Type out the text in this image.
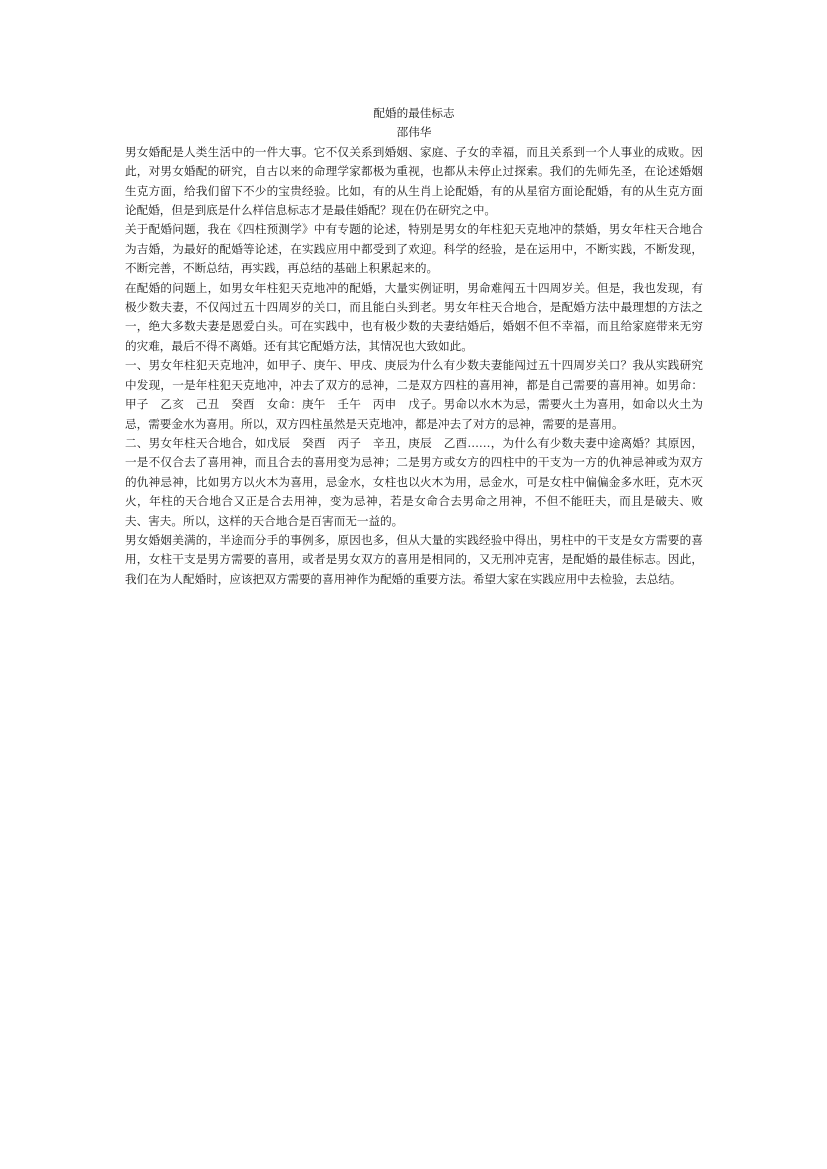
配婚的最佳标志
邵伟华

男女婚配是人类生活中的一件大事。它不仅关系到婚姻、家庭、子女的幸福，而且关系到一个人事业的成败。因此，对男女婚配的研究，自古以来的命理学家都极为重视，也都从未停止过探索。我们的先师先圣，在论述婚姻生克方面，给我们留下不少的宝贵经验。比如，有的从生肖上论配婚，有的从星宿方面论配婚，有的从生克方面论配婚，但是到底是什么样信息标志才是最佳婚配？现在仍在研究之中。

关于配婚问题，我在《四柱预测学》中有专题的论述，特别是男女的年柱犯天克地冲的禁婚，男女年柱天合地合为吉婚，为最好的配婚等论述，在实践应用中都受到了欢迎。科学的经验，是在运用中，不断实践，不断发现，不断完善，不断总结，再实践，再总结的基础上积累起来的。

在配婚的问题上，如男女年柱犯天克地冲的配婚，大量实例证明，男命难闯五十四周岁关。但是，我也发现，有极少数夫妻，不仅闯过五十四周岁的关口，而且能白头到老。男女年柱天合地合，是配婚方法中最理想的方法之一，绝大多数夫妻是恩爱白头。可在实践中，也有极少数的夫妻结婚后，婚姻不但不幸福，而且给家庭带来无穷的灾难，最后不得不离婚。还有其它配婚方法，其情况也大致如此。

一、男女年柱犯天克地冲，如甲子、庚午、甲戌、庚辰为什么有少数夫妻能闯过五十四周岁关口？我从实践研究中发现，一是年柱犯天克地冲，冲去了双方的忌神，二是双方四柱的喜用神，都是自己需要的喜用神。如男命：甲子　乙亥　己丑　癸酉　女命：庚午　壬午　丙申　戊子。男命以水木为忌，需要火土为喜用，如命以火土为忌，需要金水为喜用。所以，双方四柱虽然是天克地冲，都是冲去了对方的忌神，需要的是喜用。

二、男女年柱天合地合，如戊辰　癸酉　丙子　辛丑，庚辰　乙酉……，为什么有少数夫妻中途离婚？其原因，一是不仅合去了喜用神，而且合去的喜用变为忌神；二是男方或女方的四柱中的干支为一方的仇神忌神或为双方的仇神忌神，比如男方以火木为喜用，忌金水，女柱也以火木为用，忌金水，可是女柱中偏偏金多水旺，克木灭火，年柱的天合地合又正是合去用神，变为忌神，若是女命合去男命之用神，不但不能旺夫，而且是破夫、败夫、害夫。所以，这样的天合地合是百害而无一益的。

男女婚姻美满的，半途而分手的事例多，原因也多，但从大量的实践经验中得出，男柱中的干支是女方需要的喜用，女柱干支是男方需要的喜用，或者是男女双方的喜用是相同的，又无刑冲克害，是配婚的最佳标志。因此，我们在为人配婚时，应该把双方需要的喜用神作为配婚的重要方法。希望大家在实践应用中去检验，去总结。
